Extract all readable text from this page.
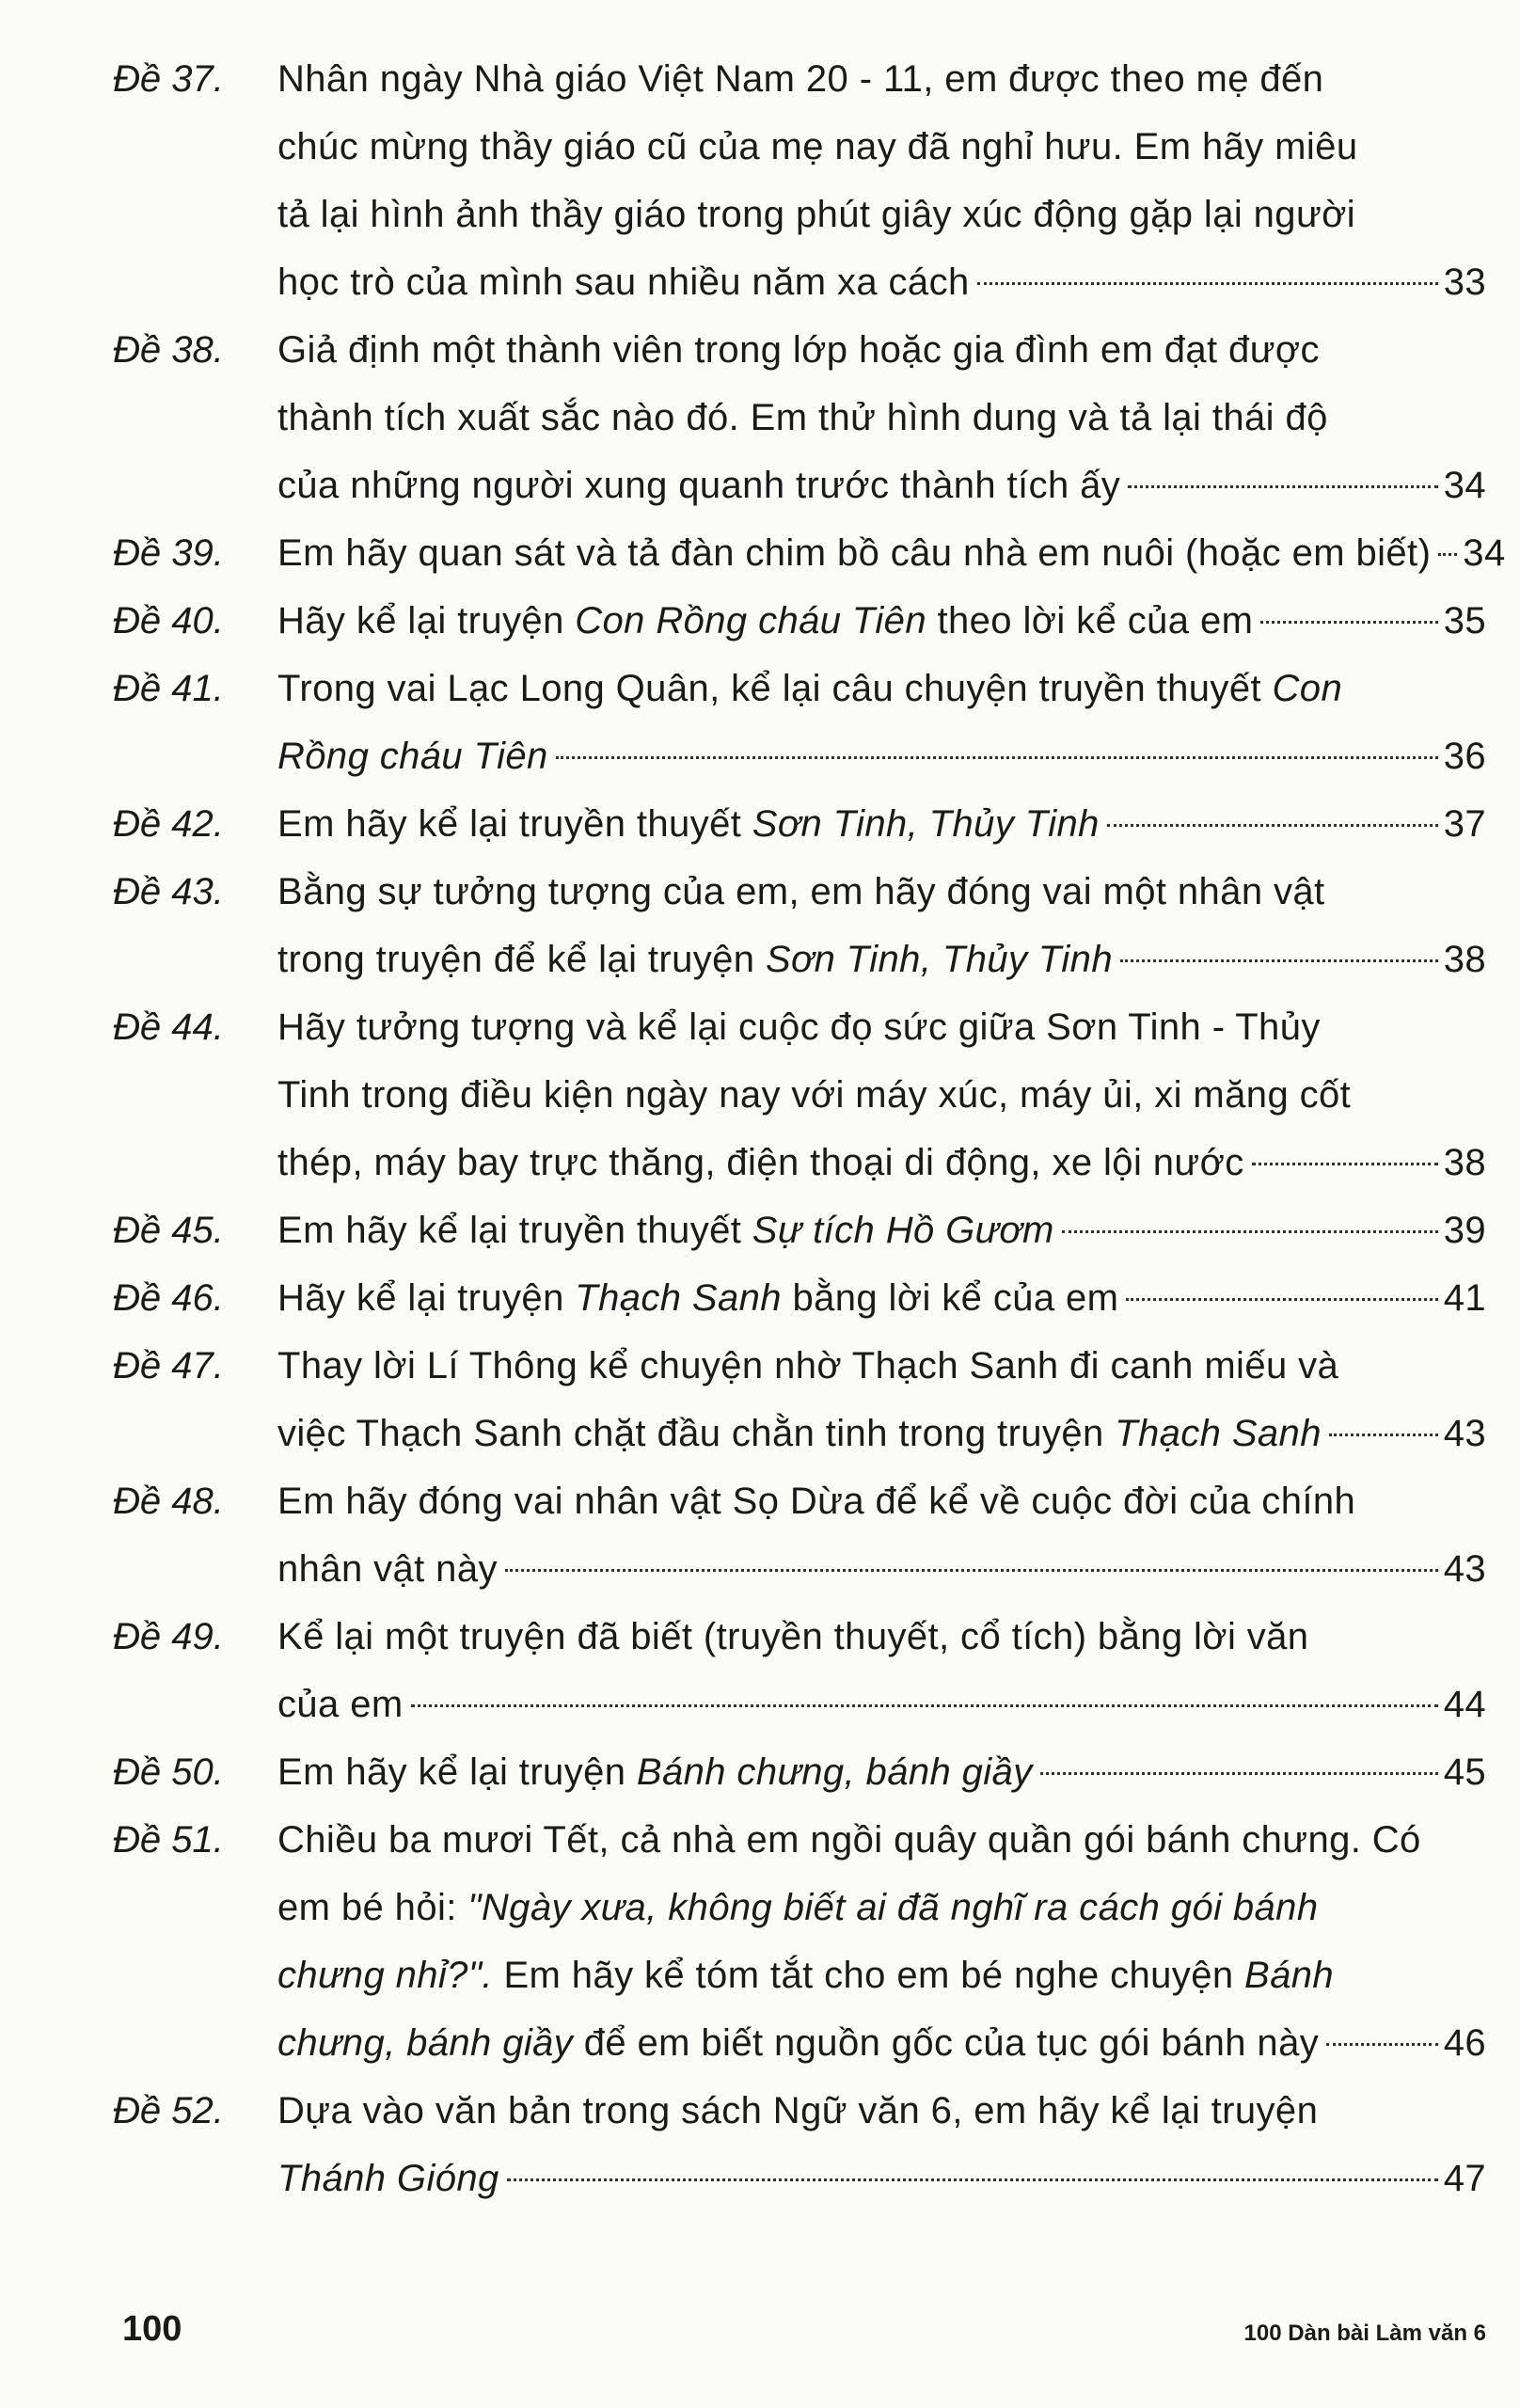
Đề 37.	Nhân ngày Nhà giáo Việt Nam 20 - 11, em được theo mẹ đến
chúc mừng thầy giáo cũ của mẹ nay đã nghỉ hưu. Em hãy miêu
tả lại hình ảnh thầy giáo trong phút giây xúc động gặp lại người
học trò của mình sau nhiều năm xa cách	33
Đề 38.	Giả định một thành viên trong lớp hoặc gia đình em đạt được
thành tích xuất sắc nào đó. Em thử hình dung và tả lại thái độ
của những người xung quanh trước thành tích ấy	34
Đề 39.	Em hãy quan sát và tả đàn chim bồ câu nhà em nuôi (hoặc em biết) 34
Đề 40.	Hãy kể lại truyện Con Rồng cháu Tiên theo lời kể của em	35
Đề 41.	Trong vai Lạc Long Quân, kể lại câu chuyện truyền thuyết Con
Rồng cháu Tiên	36
Đề 42.	Em hãy kể lại truyền thuyết Sơn Tinh, Thủy Tinh	37
Đề 43.	Bằng sự tưởng tượng của em, em hãy đóng vai một nhân vật
trong truyện để kể lại truyện Sơn Tinh, Thủy Tinh	38
Đề 44.	Hãy tưởng tượng và kể lại cuộc đọ sức giữa Sơn Tinh - Thủy
Tinh trong điều kiện ngày nay với máy xúc, máy ủi, xi măng cốt
thép, máy bay trực thăng, điện thoại di động, xe lội nước	38
Đề 45.	Em hãy kể lại truyền thuyết Sự tích Hồ Gươm	39
Đề 46.	Hãy kể lại truyện Thạch Sanh bằng lời kể của em	41
Đề 47.	Thay lời Lí Thông kể chuyện nhờ Thạch Sanh đi canh miếu và
việc Thạch Sanh chặt đầu chằn tinh trong truyện Thạch Sanh	43
Đề 48.	Em hãy đóng vai nhân vật Sọ Dừa để kể về cuộc đời của chính
nhân vật này	43
Đề 49.	Kể lại một truyện đã biết (truyền thuyết, cổ tích) bằng lời văn
của em	44
Đề 50.	Em hãy kể lại truyện Bánh chưng, bánh giầy	45
Đề 51.	Chiều ba mươi Tết, cả nhà em ngồi quây quần gói bánh chưng. Có
em bé hỏi: "Ngày xưa, không biết ai đã nghĩ ra cách gói bánh
chưng nhỉ?". Em hãy kể tóm tắt cho em bé nghe chuyện Bánh
chưng, bánh giầy để em biết nguồn gốc của tục gói bánh này	46
Đề 52.	Dựa vào văn bản trong sách Ngữ văn 6, em hãy kể lại truyện
Thánh Gióng	47
100	100 Dàn bài Làm văn 6
